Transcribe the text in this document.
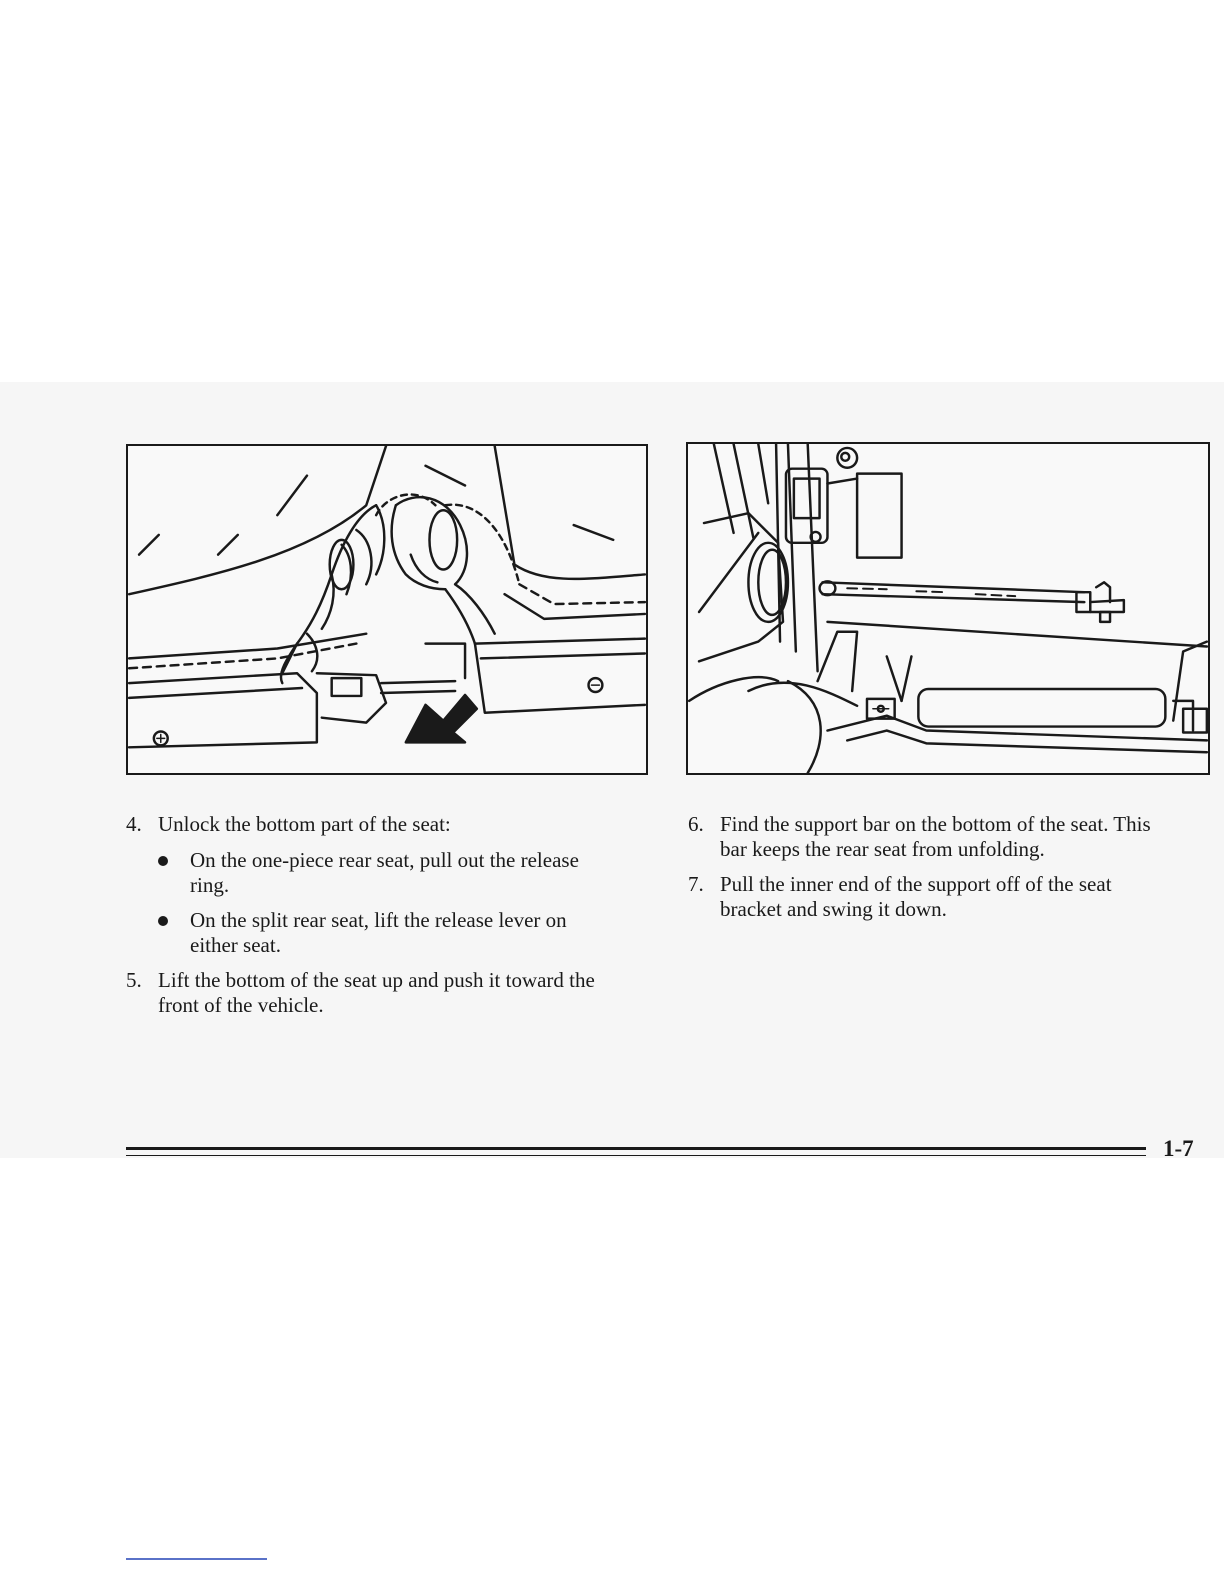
4. Unlock the bottom part of the seat:
On the one-piece rear seat, pull out the release
ring.
On the split rear seat, lift the release lever on
either seat.
5. Lift the bottom of the seat up and push it toward the
front of the vehicle.
6. Find the support bar on the bottom of the seat. This
bar keeps the rear seat from unfolding.
7. Pull the inner end of the support off of the seat
bracket and swing it down.
1-7
